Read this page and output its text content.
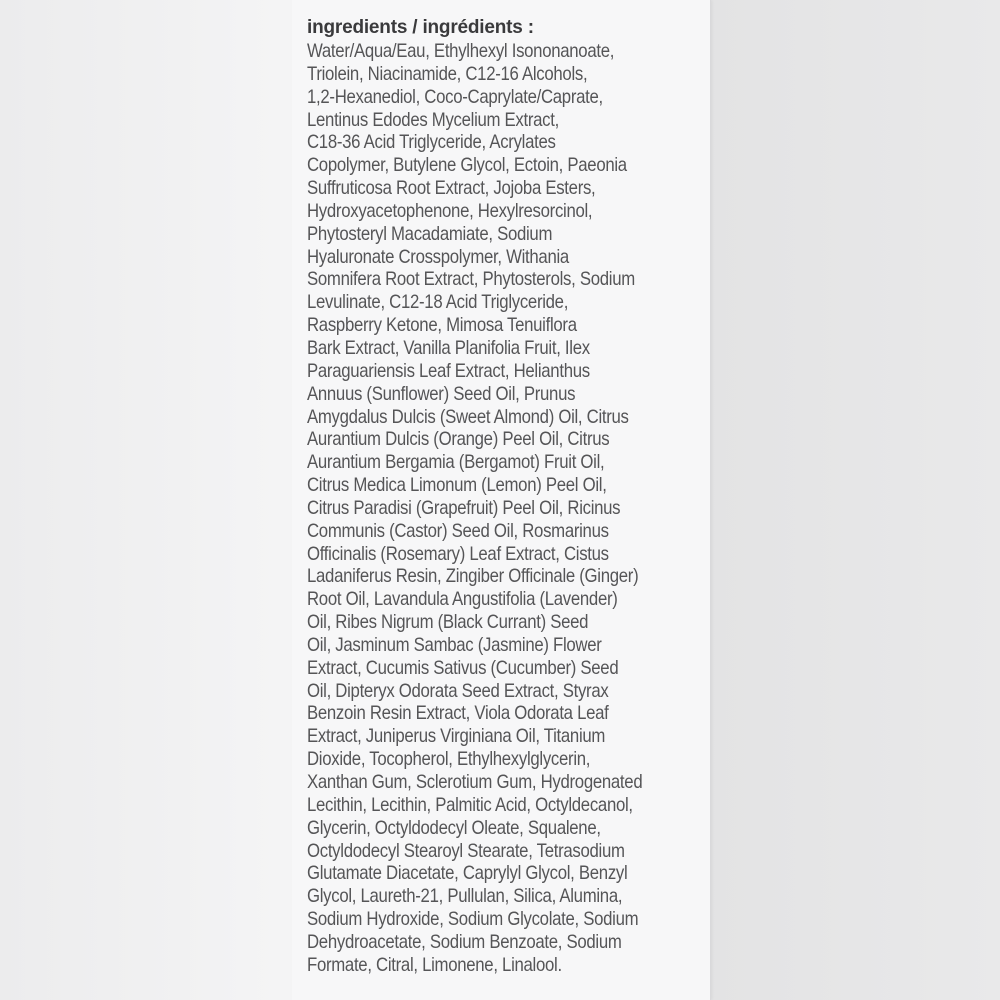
ingredients / ingrédients :
Water/Aqua/Eau, Ethylhexyl Isononanoate,
Triolein, Niacinamide, C12-16 Alcohols,
1,2-Hexanediol, Coco-Caprylate/Caprate,
Lentinus Edodes Mycelium Extract,
C18-36 Acid Triglyceride, Acrylates
Copolymer, Butylene Glycol, Ectoin, Paeonia
Suffruticosa Root Extract, Jojoba Esters,
Hydroxyacetophenone, Hexylresorcinol,
Phytosteryl Macadamiate, Sodium
Hyaluronate Crosspolymer, Withania
Somnifera Root Extract, Phytosterols, Sodium
Levulinate, C12-18 Acid Triglyceride,
Raspberry Ketone, Mimosa Tenuiflora
Bark Extract, Vanilla Planifolia Fruit, Ilex
Paraguariensis Leaf Extract, Helianthus
Annuus (Sunflower) Seed Oil, Prunus
Amygdalus Dulcis (Sweet Almond) Oil, Citrus
Aurantium Dulcis (Orange) Peel Oil, Citrus
Aurantium Bergamia (Bergamot) Fruit Oil,
Citrus Medica Limonum (Lemon) Peel Oil,
Citrus Paradisi (Grapefruit) Peel Oil, Ricinus
Communis (Castor) Seed Oil, Rosmarinus
Officinalis (Rosemary) Leaf Extract, Cistus
Ladaniferus Resin, Zingiber Officinale (Ginger)
Root Oil, Lavandula Angustifolia (Lavender)
Oil, Ribes Nigrum (Black Currant) Seed
Oil, Jasminum Sambac (Jasmine) Flower
Extract, Cucumis Sativus (Cucumber) Seed
Oil, Dipteryx Odorata Seed Extract, Styrax
Benzoin Resin Extract, Viola Odorata Leaf
Extract, Juniperus Virginiana Oil, Titanium
Dioxide, Tocopherol, Ethylhexylglycerin,
Xanthan Gum, Sclerotium Gum, Hydrogenated
Lecithin, Lecithin, Palmitic Acid, Octyldecanol,
Glycerin, Octyldodecyl Oleate, Squalene,
Octyldodecyl Stearoyl Stearate, Tetrasodium
Glutamate Diacetate, Caprylyl Glycol, Benzyl
Glycol, Laureth-21, Pullulan, Silica, Alumina,
Sodium Hydroxide, Sodium Glycolate, Sodium
Dehydroacetate, Sodium Benzoate, Sodium
Formate, Citral, Limonene, Linalool.
